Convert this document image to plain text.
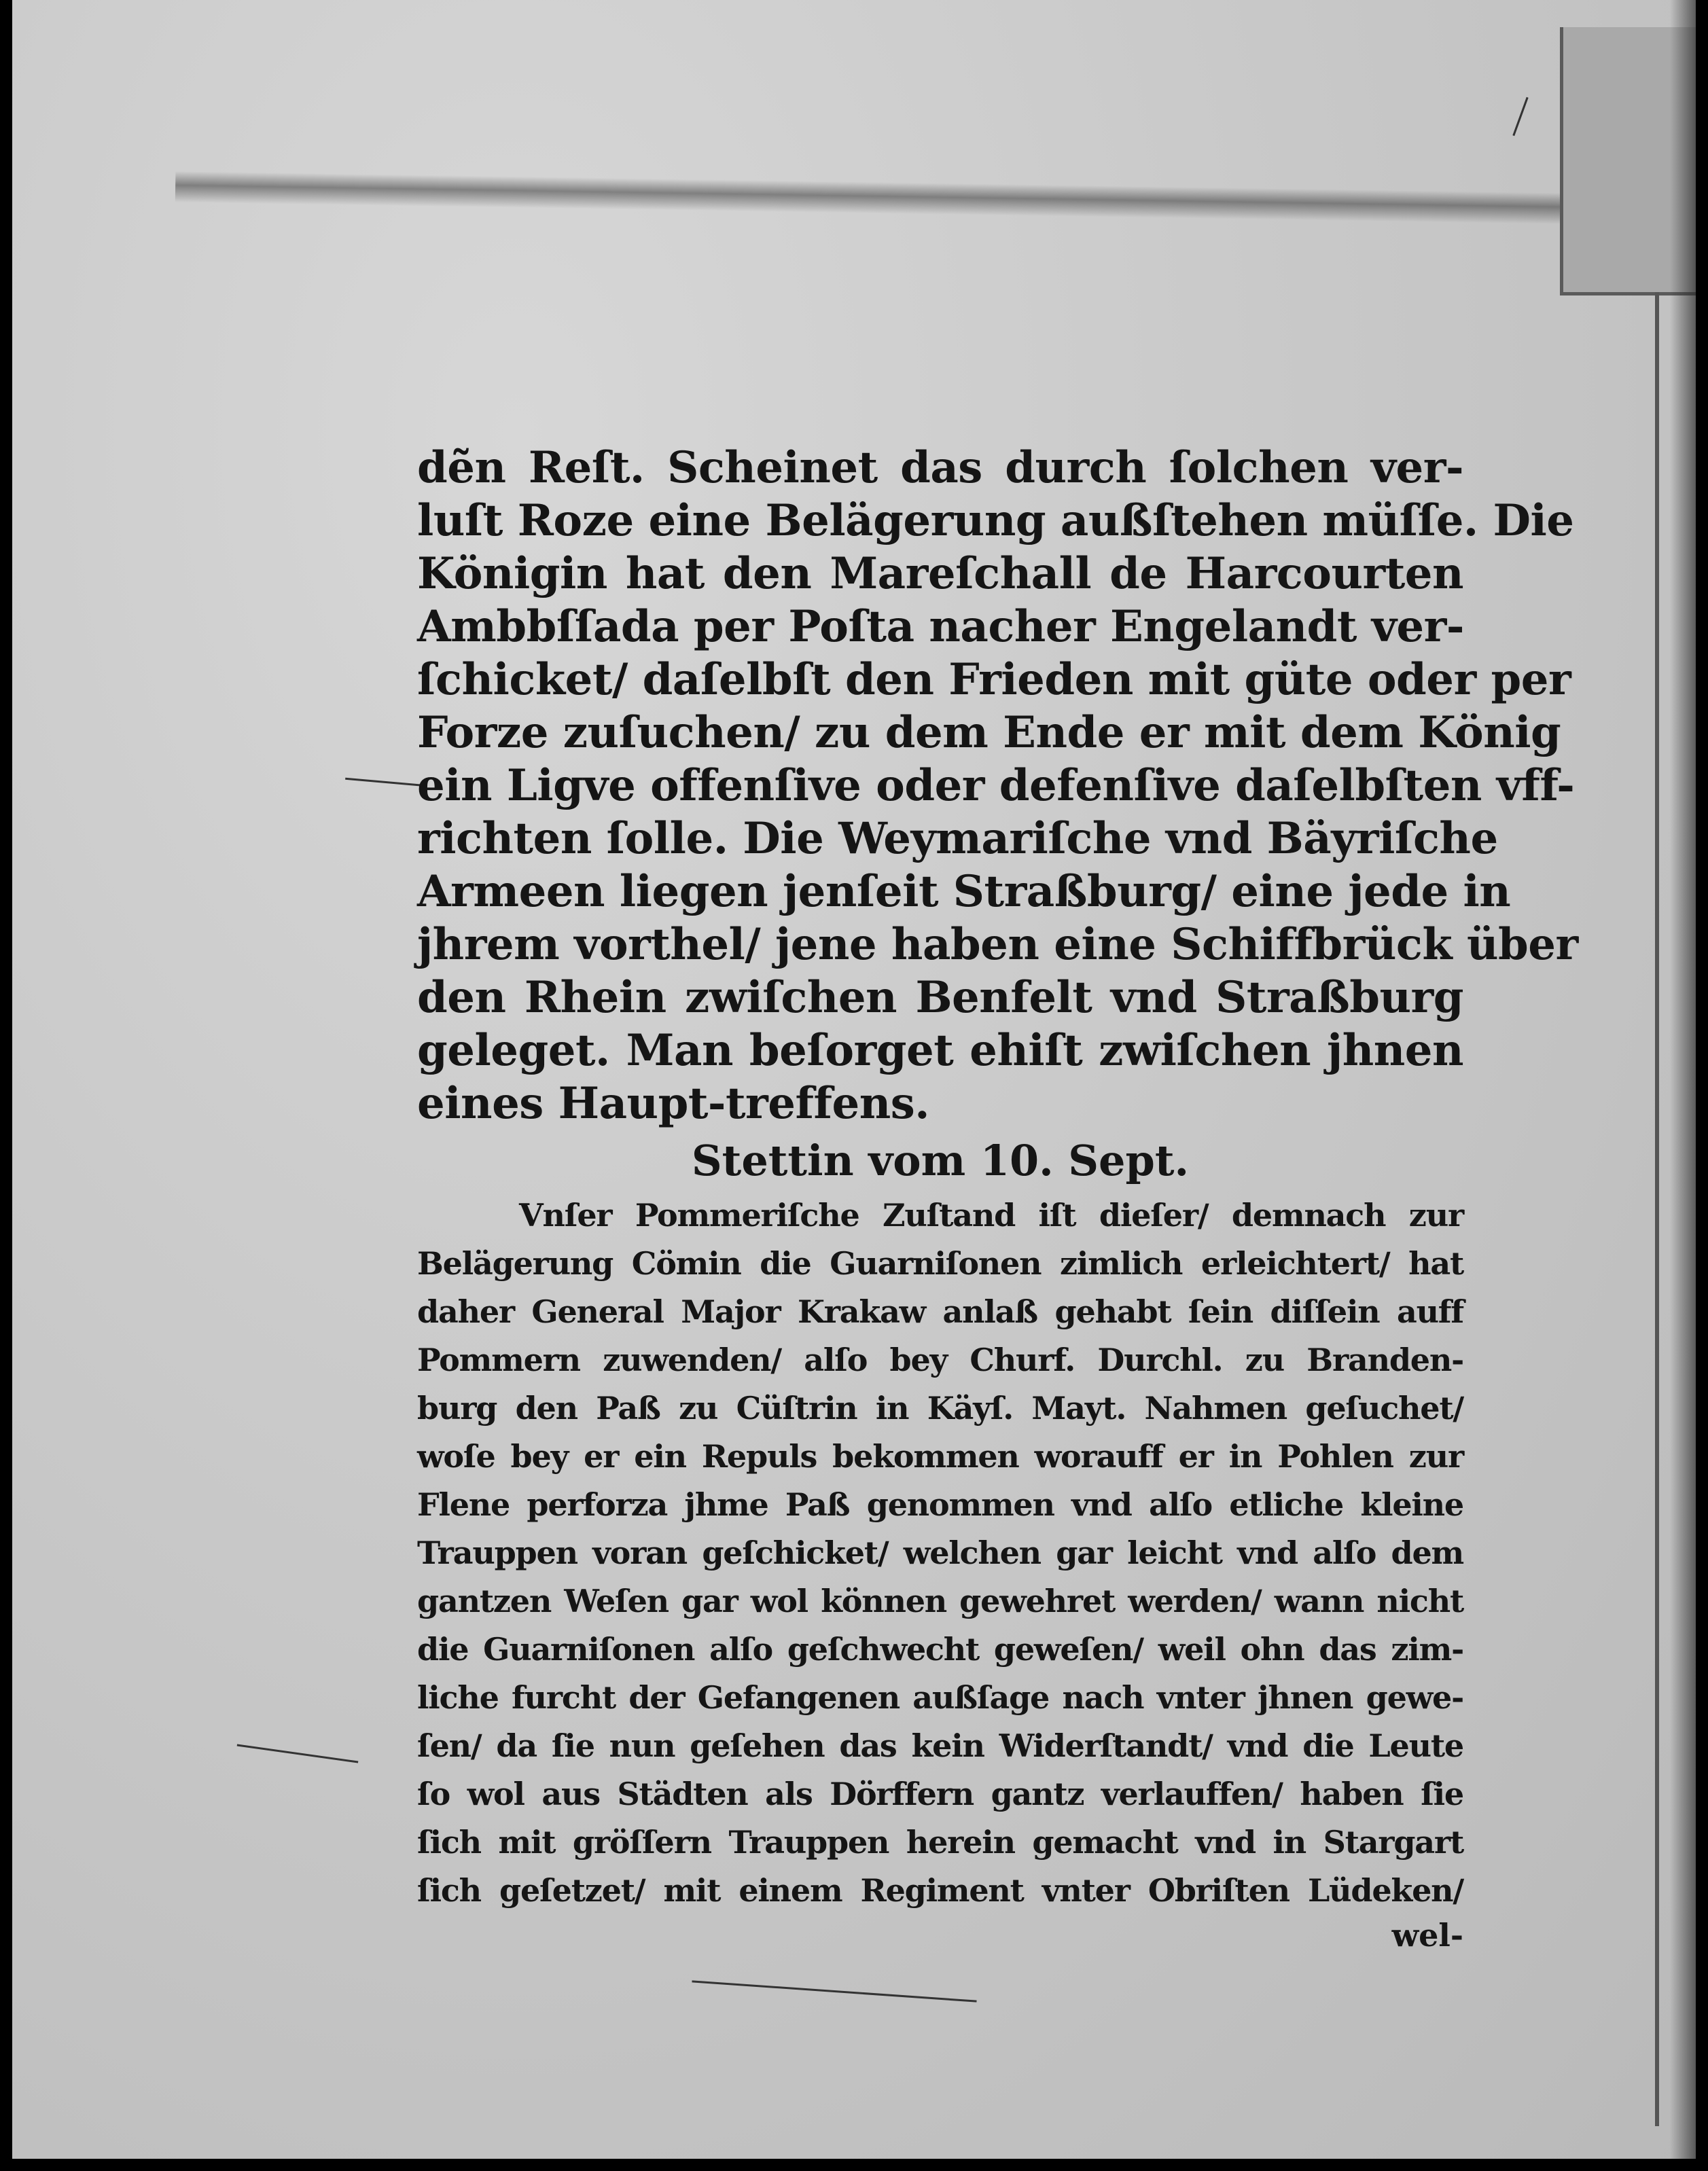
dẽn Reſt. Scheinet das durch ſolchen ver-
luſt Roze eine Belägerung außſtehen müſſe. Die
Königin hat den Mareſchall de Harcourten
Ambbſſada per Poſta nacher Engelandt ver-
ſchicket/ daſelbſt den Frieden mit güte oder per
Forze zuſuchen/ zu dem Ende er mit dem König
ein Ligve offenſive oder defenſive daſelbſten vff-
richten ſolle. Die Weymariſche vnd Bäyriſche
Armeen liegen jenſeit Straßburg/ eine jede in
jhrem vorthel/ jene haben eine Schiffbrück über
den Rhein zwiſchen Benfelt vnd Straßburg
geleget. Man beſorget ehiſt zwiſchen jhnen
eines Haupt-treffens.
Stettin vom 10. Sept.
Vnſer Pommeriſche Zuſtand iſt dieſer/ demnach zur
Belägerung Cömin die Guarniſonen zimlich erleichtert/ hat
daher General Major Krakaw anlaß gehabt ſein diſſein auff
Pommern zuwenden/ alſo bey Churf. Durchl. zu Branden-
burg den Paß zu Cüſtrin in Käyſ. Mayt. Nahmen geſuchet/
woſe bey er ein Repuls bekommen worauff er in Pohlen zur
Flene perforza jhme Paß genommen vnd alſo etliche kleine
Trauppen voran geſchicket/ welchen gar leicht vnd alſo dem
gantzen Weſen gar wol können gewehret werden/ wann nicht
die Guarniſonen alſo geſchwecht geweſen/ weil ohn das zim-
liche furcht der Gefangenen außſage nach vnter jhnen gewe-
ſen/ da ſie nun geſehen das kein Widerſtandt/ vnd die Leute
ſo wol aus Städten als Dörffern gantz verlauffen/ haben ſie
ſich mit gröſſern Trauppen herein gemacht vnd in Stargart
ſich geſetzet/ mit einem Regiment vnter Obriſten Lüdeken/
wel-
